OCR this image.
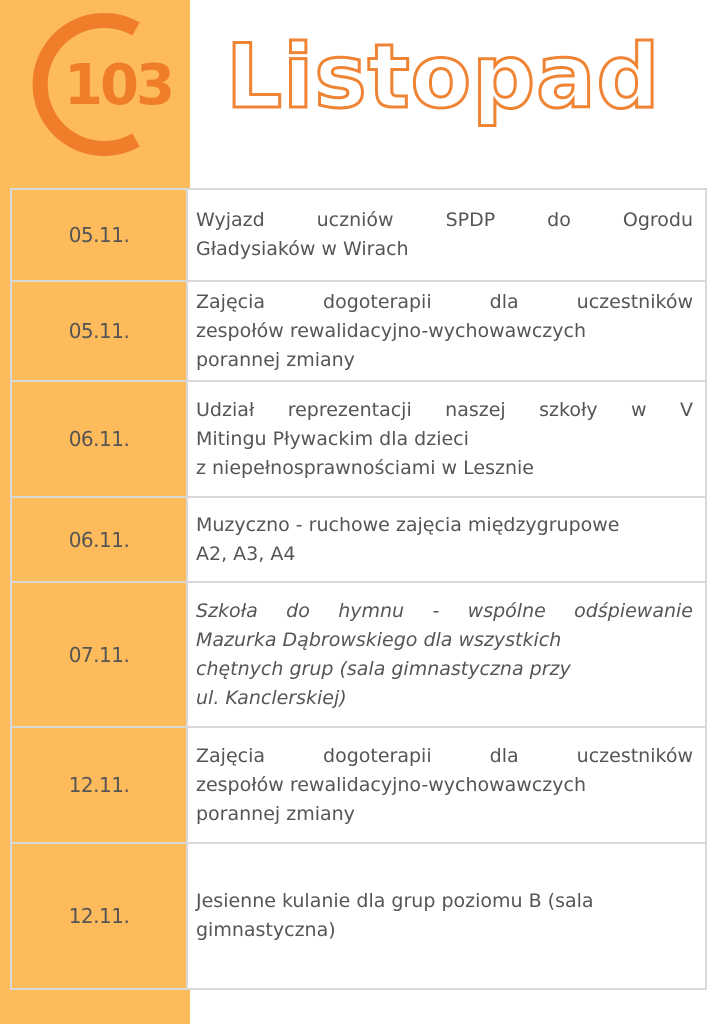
103 Listopad
05.11.	Wyjazd uczniów SPDP do Ogrodu
Gładysiaków w Wirach

05.11.	Zajęcia dogoterapii dla uczestników
zespołów rewalidacyjno-wychowawczych
porannej zmiany

06.11.	Udział reprezentacji naszej szkoły w V
Mitingu Pływackim dla dzieci
z niepełnosprawnościami w Lesznie

06.11.	Muzyczno - ruchowe zajęcia międzygrupowe
A2, A3, A4

07.11.	Szkoła do hymnu - wspólne odśpiewanie
Mazurka Dąbrowskiego dla wszystkich
chętnych grup (sala gimnastyczna przy
ul. Kanclerskiej)

12.11.	Zajęcia dogoterapii dla uczestników
zespołów rewalidacyjno-wychowawczych
porannej zmiany

12.11.	Jesienne kulanie dla grup poziomu B (sala
gimnastyczna)
